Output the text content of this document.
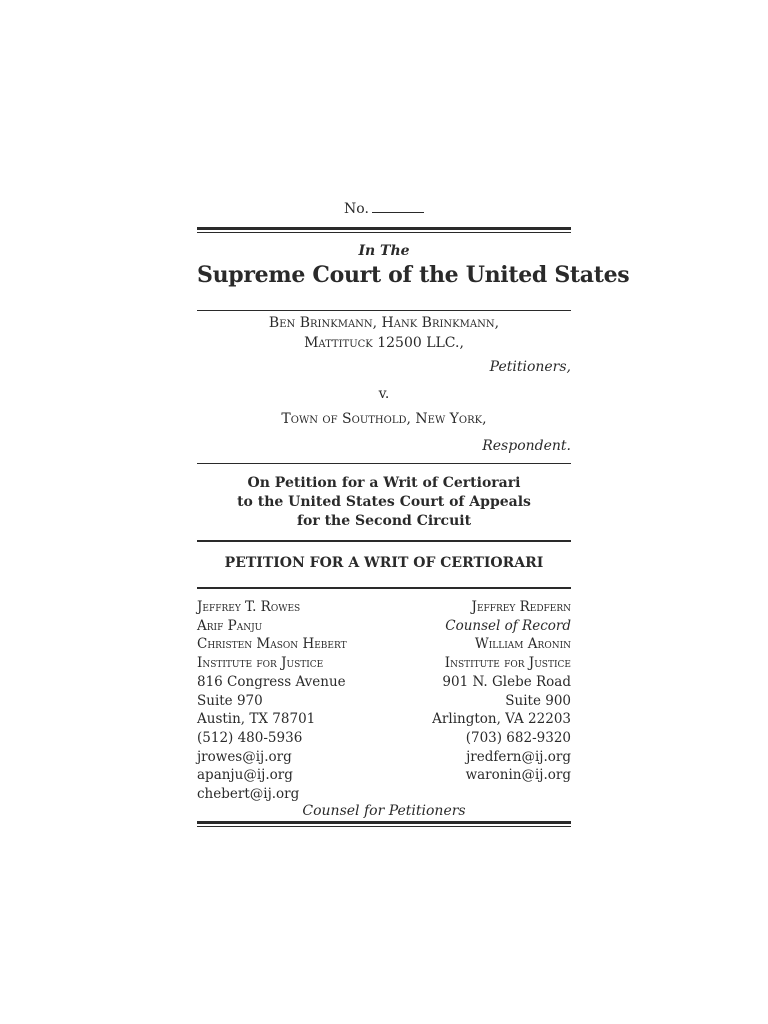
No.
In The
Supreme Court of the United States
Ben Brinkmann, Hank Brinkmann,
Mattituck 12500 LLC.,
Petitioners,
v.
Town of Southold, New York,
Respondent.
On Petition for a Writ of Certiorari
to the United States Court of Appeals
for the Second Circuit
PETITION FOR A WRIT OF CERTIORARI
Jeffrey T. Rowes
Arif Panju
Christen Mason Hebert
Institute for Justice
816 Congress Avenue
Suite 970
Austin, TX 78701
(512) 480-5936
jrowes@ij.org
apanju@ij.org
chebert@ij.org
Jeffrey Redfern
Counsel of Record
William Aronin
Institute for Justice
901 N. Glebe Road
Suite 900
Arlington, VA 22203
(703) 682-9320
jredfern@ij.org
waronin@ij.org
Counsel for Petitioners
